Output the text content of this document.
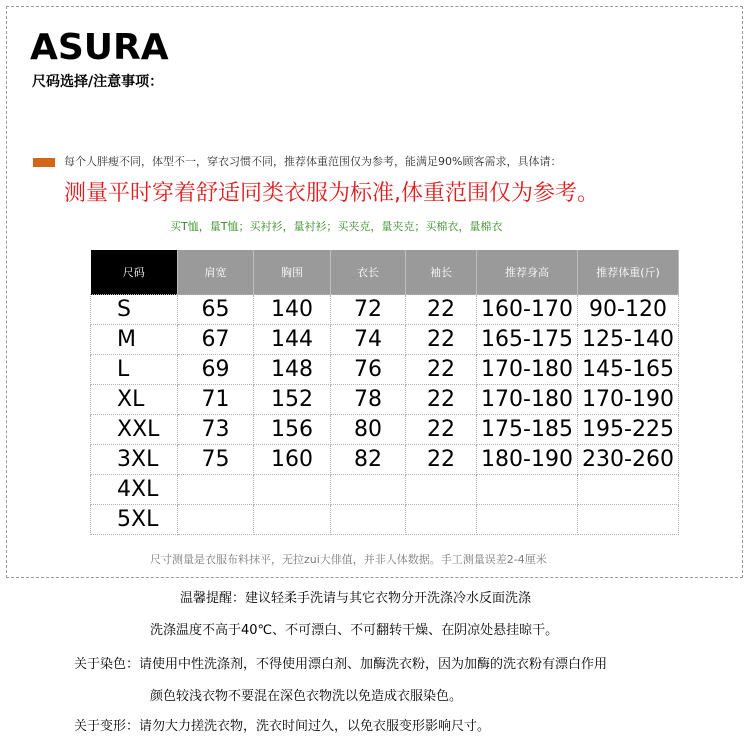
ASURA
尺码选择/注意事项：
每个人胖瘦不同，体型不一，穿衣习惯不同，推荐体重范围仅为参考，能满足90%顾客需求，具体请：
测量平时穿着舒适同类衣服为标准,体重范围仅为参考。
买T恤，量T恤；买衬衫，量衬衫；买夹克，量夹克；买棉衣，量棉衣
尺码	肩宽	胸围	衣长	袖长	推荐身高	推荐体重(斤)
S	65	140	72	22	160-170	90-120
M	67	144	74	22	165-175	125-140
L	69	148	76	22	170-180	145-165
XL	71	152	78	22	170-180	170-190
XXL	73	156	80	22	175-185	195-225
3XL	75	160	82	22	180-190	230-260
4XL						
5XL						
尺寸测量是衣服布料抹平，无拉zui大俳值，并非人体数据。手工测量误差2-4厘米
温馨提醒：建议轻柔手洗请与其它衣物分开洗涤冷水反面洗涤
洗涤温度不高于40℃、不可漂白、不可翻转干燥、在阴凉处悬挂晾干。
关于染色：请使用中性洗涤剂，不得使用漂白剂、加酶洗衣粉，因为加酶的洗衣粉有漂白作用
颜色较浅衣物不要混在深色衣物洗以免造成衣服染色。
关于变形：请勿大力搓洗衣物，洗衣时间过久，以免衣服变形影响尺寸。
